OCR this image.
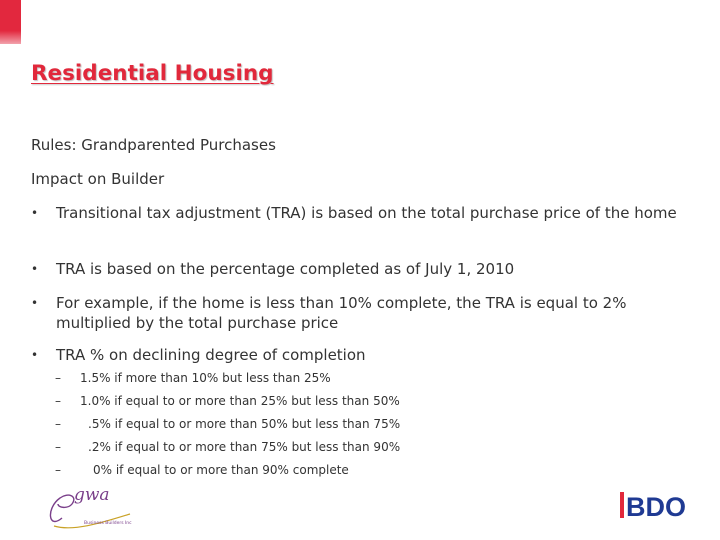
Residential Housing
Rules: Grandparented Purchases
Impact on Builder
• Transitional tax adjustment (TRA) is based on the total purchase price of the home
• TRA is based on the percentage completed as of July 1, 2010
• For example, if the home is less than 10% complete, the TRA is equal to 2% multiplied by the total purchase price
• TRA % on declining degree of completion
– 1.5% if more than 10% but less than 25%
– 1.0% if equal to or more than 25% but less than 50%
– .5% if equal to or more than 50% but less than 75%
– .2% if equal to or more than 75% but less than 90%
–	0% if equal to or more than 90% complete
gwa
Business Builders Inc
BDO
